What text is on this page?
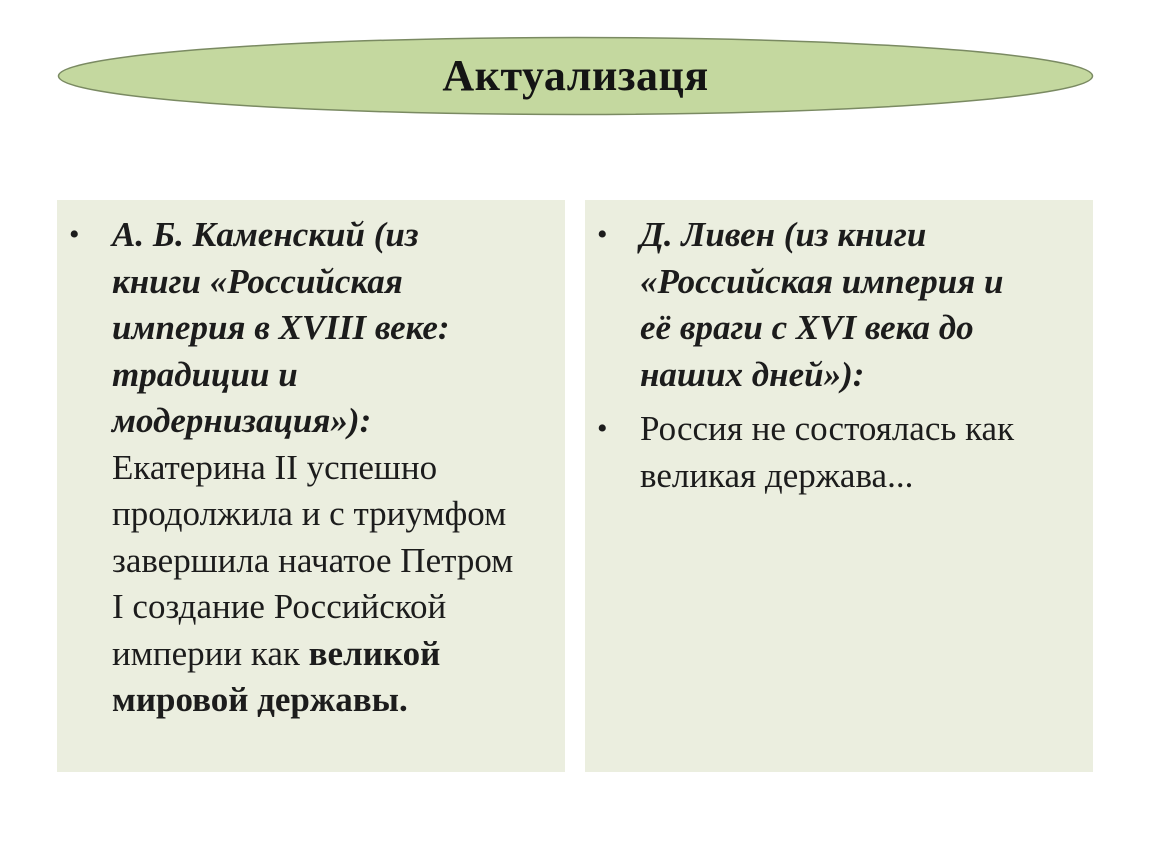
Актуализаця
• А. Б. Каменский (из
книги «Российская
империя в XVIII веке:
традиции и
модернизация»):
Екатерина II успешно
продолжила и с триумфом
завершила начатое Петром
I создание Российской
империи как великой
мировой державы.
• Д. Ливен (из книги
«Российская империя и
её враги с XVI века до
наших дней»):
• Россия не состоялась как
великая держава...
